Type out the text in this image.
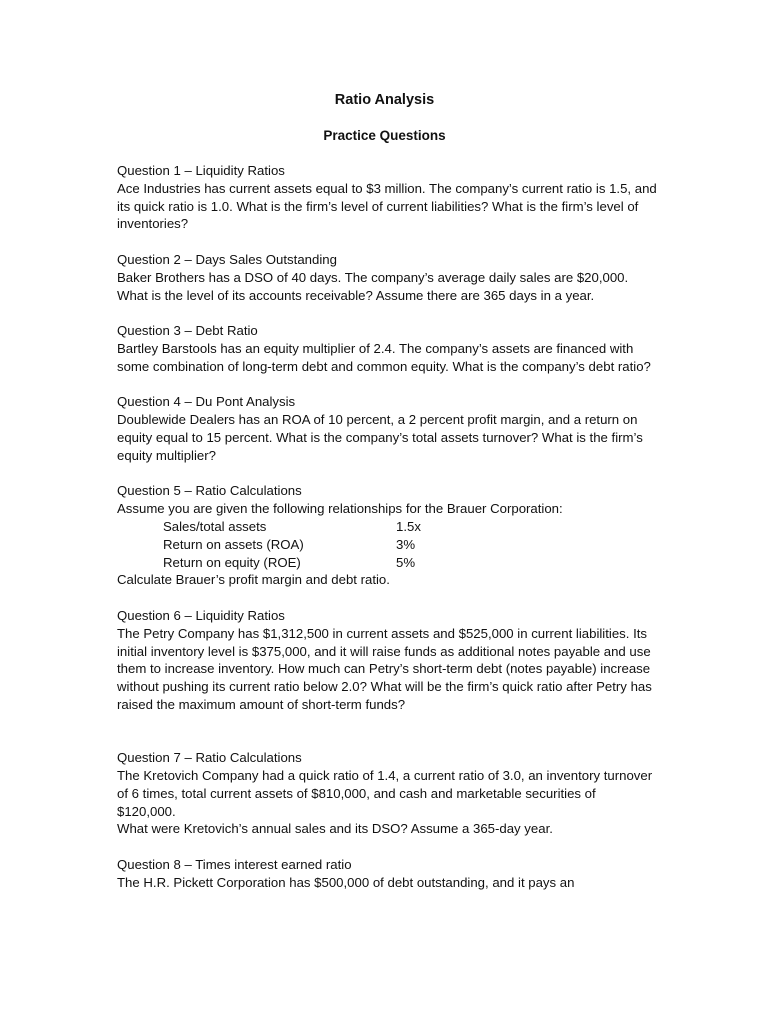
Ratio Analysis
Practice Questions

Question 1 – Liquidity Ratios

Ace Industries has current assets equal to $3 million. The company’s current ratio is 1.5, and its quick ratio is 1.0. What is the firm’s level of current liabilities? What is the firm’s level of inventories?

Question 2 – Days Sales Outstanding

Baker Brothers has a DSO of 40 days. The company’s average daily sales are $20,000. What is the level of its accounts receivable? Assume there are 365 days in a year.

Question 3 – Debt Ratio

Bartley Barstools has an equity multiplier of 2.4. The company’s assets are financed with some combination of long-term debt and common equity. What is the company’s debt ratio?

Question 4 – Du Pont Analysis

Doublewide Dealers has an ROA of 10 percent, a 2 percent profit margin, and a return on equity equal to 15 percent. What is the company’s total assets turnover? What is the firm’s equity multiplier?

Question 5 – Ratio Calculations

Assume you are given the following relationships for the Brauer Corporation:

Sales/total assets	1.5x
Return on assets (ROA)	3%
Return on equity (ROE)	5%

Calculate Brauer’s profit margin and debt ratio.

Question 6 – Liquidity Ratios

The Petry Company has $1,312,500 in current assets and $525,000 in current liabilities. Its initial inventory level is $375,000, and it will raise funds as additional notes payable and use them to increase inventory. How much can Petry’s short-term debt (notes payable) increase without pushing its current ratio below 2.0? What will be the firm’s quick ratio after Petry has raised the maximum amount of short-term funds?

Question 7 – Ratio Calculations

The Kretovich Company had a quick ratio of 1.4, a current ratio of 3.0, an inventory turnover of 6 times, total current assets of $810,000, and cash and marketable securities of $120,000.

What were Kretovich’s annual sales and its DSO? Assume a 365-day year.

Question 8 – Times interest earned ratio

The H.R. Pickett Corporation has $500,000 of debt outstanding, and it pays an
